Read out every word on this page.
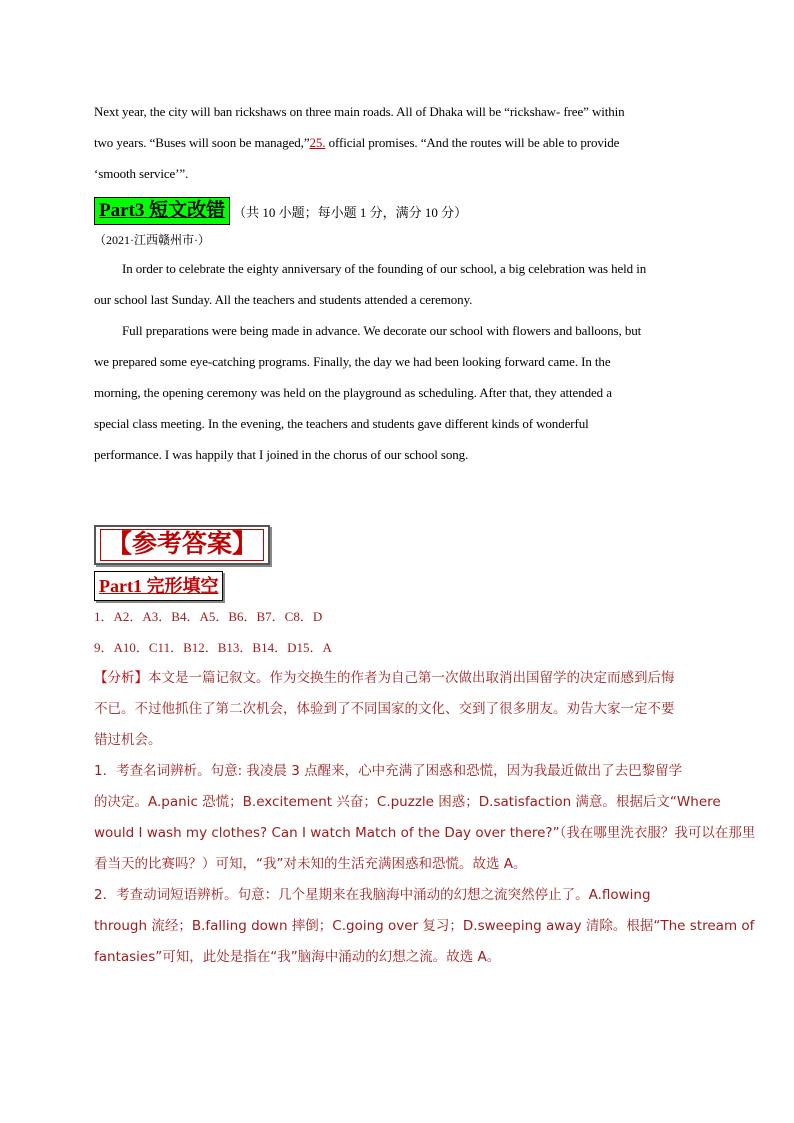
Next year, the city will ban rickshaws on three main roads. All of Dhaka will be “rickshaw- free” within
two years. “Buses will soon be managed,”25. official promises. “And the routes will be able to provide
‘smooth service’”.
Part3 短文改错 （共 10 小题；每小题 1 分，满分 10 分）
（2021·江西赣州市·）
In order to celebrate the eighty anniversary of the founding of our school, a big celebration was held in
our school last Sunday. All the teachers and students attended a ceremony.
Full preparations were being made in advance. We decorate our school with flowers and balloons, but
we prepared some eye-catching programs. Finally, the day we had been looking forward came. In the
morning, the opening ceremony was held on the playground as scheduling. After that, they attended a
special class meeting. In the evening, the teachers and students gave different kinds of wonderful
performance. I was happily that I joined in the chorus of our school song.
【参考答案】
Part1 完形填空
1．A2．A3．B4．A5．B6．B7．C8．D
9．A10．C11．B12．B13．B14．D15．A
【分析】本文是一篇记叙文。作为交换生的作者为自己第一次做出取消出国留学的决定而感到后悔
不已。不过他抓住了第二次机会，体验到了不同国家的文化、交到了很多朋友。劝告大家一定不要
错过机会。
1．考查名词辨析。句意: 我凌晨 3 点醒来，心中充满了困惑和恐慌，因为我最近做出了去巴黎留学
的决定。A.panic 恐慌；B.excitement 兴奋；C.puzzle 困惑；D.satisfaction 满意。根据后文“Where
would I wash my clothes? Can I watch Match of the Day over there?”（我在哪里洗衣服？我可以在那里
看当天的比赛吗？）可知，“我”对未知的生活充满困惑和恐慌。故选 A。
2．考查动词短语辨析。句意：几个星期来在我脑海中涌动的幻想之流突然停止了。A.flowing
through 流经；B.falling down 摔倒；C.going over 复习；D.sweeping away 清除。根据“The stream of
fantasies”可知，此处是指在“我”脑海中涌动的幻想之流。故选 A。
